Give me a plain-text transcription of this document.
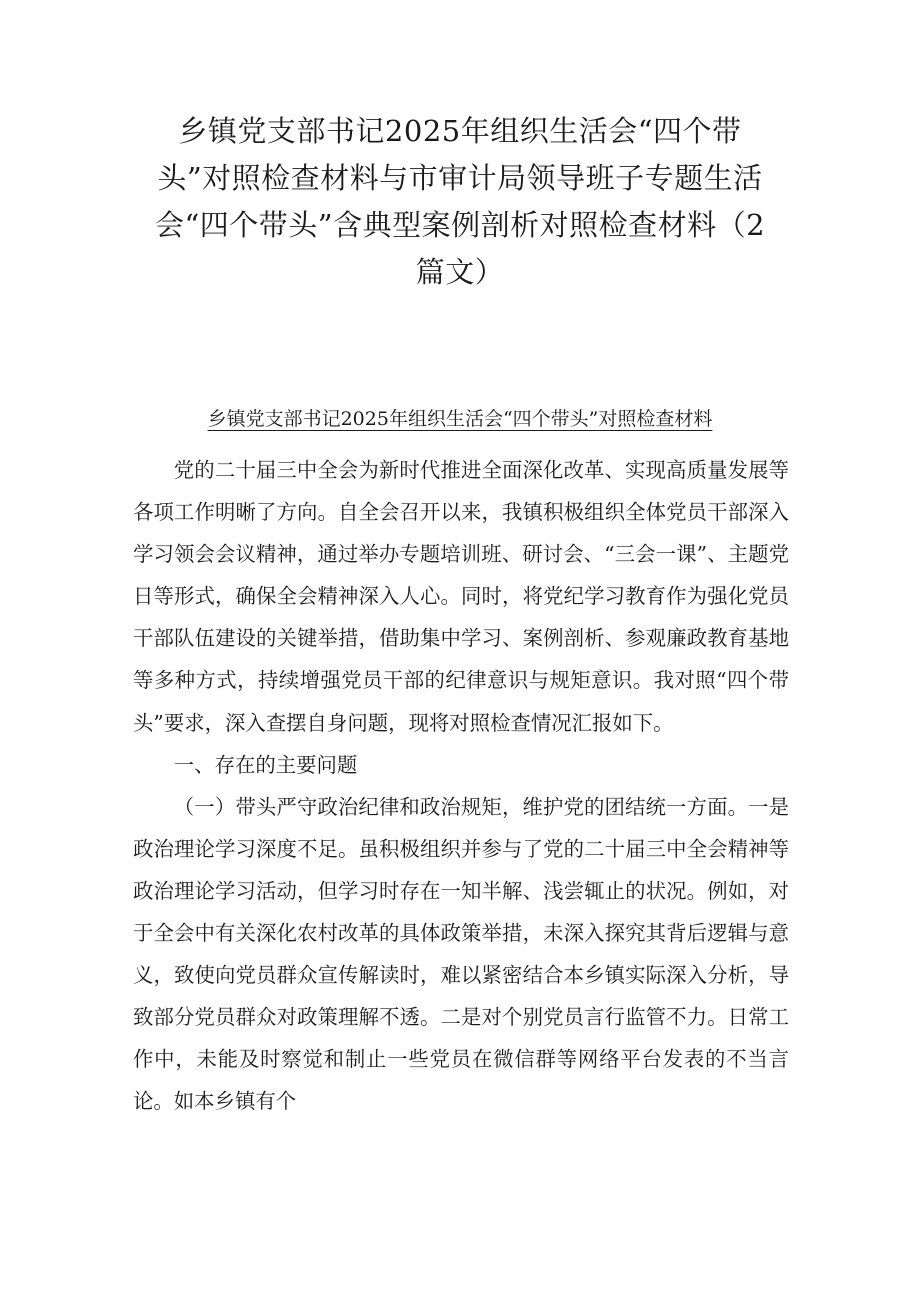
乡镇党支部书记2025年组织生活会“四个带头”对照检查材料与市审计局领导班子专题生活会“四个带头”含典型案例剖析对照检查材料（2篇文）
乡镇党支部书记2025年组织生活会“四个带头”对照检查材料

党的二十届三中全会为新时代推进全面深化改革、实现高质量发展等各项工作明晰了方向。自全会召开以来，我镇积极组织全体党员干部深入学习领会会议精神，通过举办专题培训班、研讨会、“三会一课”、主题党日等形式，确保全会精神深入人心。同时，将党纪学习教育作为强化党员干部队伍建设的关键举措，借助集中学习、案例剖析、参观廉政教育基地等多种方式，持续增强党员干部的纪律意识与规矩意识。我对照“四个带头”要求，深入查摆自身问题，现将对照检查情况汇报如下。

一、存在的主要问题

（一）带头严守政治纪律和政治规矩，维护党的团结统一方面。一是政治理论学习深度不足。虽积极组织并参与了党的二十届三中全会精神等政治理论学习活动，但学习时存在一知半解、浅尝辄止的状况。例如，对于全会中有关深化农村改革的具体政策举措，未深入探究其背后逻辑与意义，致使向党员群众宣传解读时，难以紧密结合本乡镇实际深入分析，导致部分党员群众对政策理解不透。二是对个别党员言行监管不力。日常工作中，未能及时察觉和制止一些党员在微信群等网络平台发表的不当言论。如本乡镇有个
